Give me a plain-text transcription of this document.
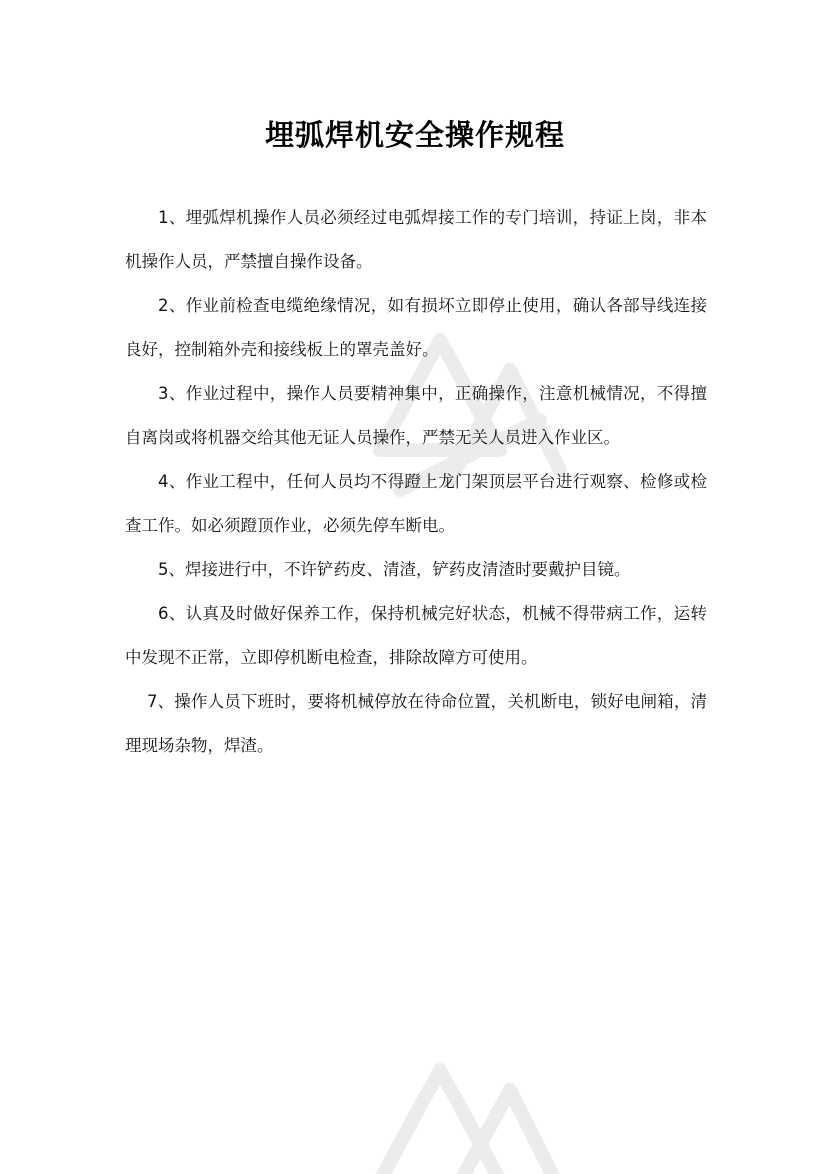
埋弧焊机安全操作规程

1、埋弧焊机操作人员必须经过电弧焊接工作的专门培训，持证上岗，非本机操作人员，严禁擅自操作设备。

2、作业前检查电缆绝缘情况，如有损坏立即停止使用，确认各部导线连接良好，控制箱外壳和接线板上的罩壳盖好。

3、作业过程中，操作人员要精神集中，正确操作，注意机械情况，不得擅自离岗或将机器交给其他无证人员操作，严禁无关人员进入作业区。

4、作业工程中，任何人员均不得蹬上龙门架顶层平台进行观察、检修或检查工作。如必须蹬顶作业，必须先停车断电。

5、焊接进行中，不许铲药皮、清渣，铲药皮清渣时要戴护目镜。

6、认真及时做好保养工作，保持机械完好状态，机械不得带病工作，运转中发现不正常，立即停机断电检查，排除故障方可使用。

7、操作人员下班时，要将机械停放在待命位置，关机断电，锁好电闸箱，清理现场杂物，焊渣。
